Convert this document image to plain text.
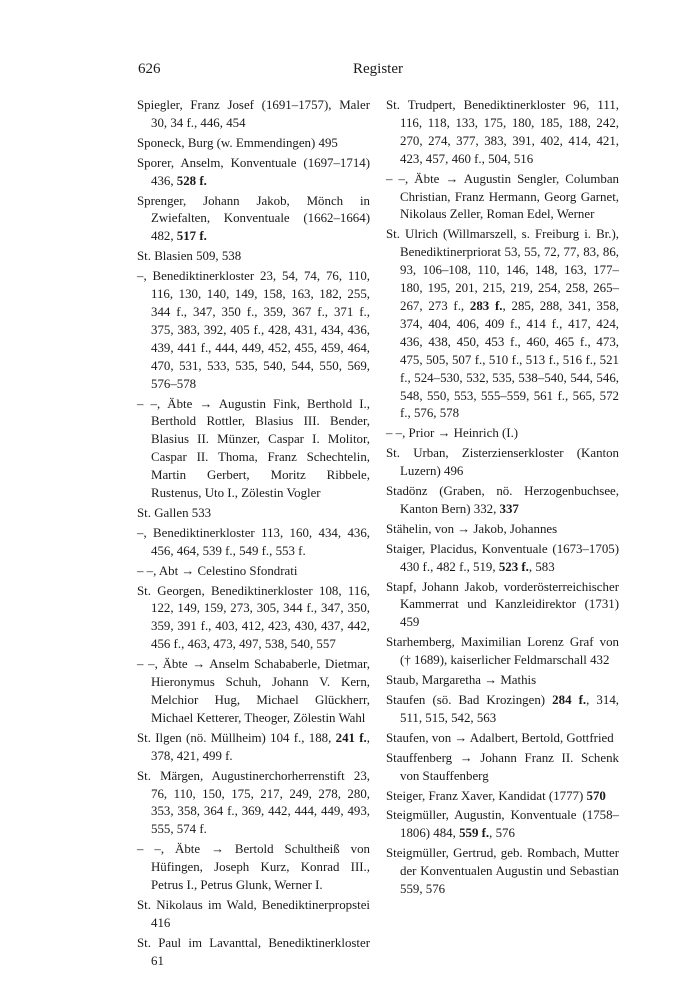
626	Register

Spiegler, Franz Josef (1691–1757), Maler 30, 34 f., 446, 454

Sponeck, Burg (w. Emmendingen) 495

Sporer, Anselm, Konventuale (1697–1714) 436, 528 f.

Sprenger, Johann Jakob, Mönch in Zwiefalten, Konventuale (1662–1664) 482, 517 f.

St. Blasien 509, 538

–, Benediktinerkloster 23, 54, 74, 76, 110, 116, 130, 140, 149, 158, 163, 182, 255, 344 f., 347, 350 f., 359, 367 f., 371 f., 375, 383, 392, 405 f., 428, 431, 434, 436, 439, 441 f., 444, 449, 452, 455, 459, 464, 470, 531, 533, 535, 540, 544, 550, 569, 576–578

– –, Äbte → Augustin Fink, Berthold I., Berthold Rottler, Blasius III. Bender, Blasius II. Münzer, Caspar I. Molitor, Caspar II. Thoma, Franz Schechtelin, Martin Gerbert, Moritz Ribbele, Rustenus, Uto I., Zölestin Vogler

St. Gallen 533

–, Benediktinerkloster 113, 160, 434, 436, 456, 464, 539 f., 549 f., 553 f.

– –, Abt → Celestino Sfondrati

St. Georgen, Benediktinerkloster 108, 116, 122, 149, 159, 273, 305, 344 f., 347, 350, 359, 391 f., 403, 412, 423, 430, 437, 442, 456 f., 463, 473, 497, 538, 540, 557

– –, Äbte → Anselm Schababerle, Dietmar, Hieronymus Schuh, Johann V. Kern, Melchior Hug, Michael Glückherr, Michael Ketterer, Theoger, Zölestin Wahl

St. Ilgen (nö. Müllheim) 104 f., 188, 241 f., 378, 421, 499 f.

St. Märgen, Augustinerchorherrenstift 23, 76, 110, 150, 175, 217, 249, 278, 280, 353, 358, 364 f., 369, 442, 444, 449, 493, 555, 574 f.

– –, Äbte → Bertold Schultheiß von Hüfingen, Joseph Kurz, Konrad III., Petrus I., Petrus Glunk, Werner I.

St. Nikolaus im Wald, Benediktinerpropstei 416

St. Paul im Lavanttal, Benediktinerkloster 61

St. Trudpert, Benediktinerkloster 96, 111, 116, 118, 133, 175, 180, 185, 188, 242, 270, 274, 377, 383, 391, 402, 414, 421, 423, 457, 460 f., 504, 516

– –, Äbte → Augustin Sengler, Columban Christian, Franz Hermann, Georg Garnet, Nikolaus Zeller, Roman Edel, Werner

St. Ulrich (Willmarszell, s. Freiburg i. Br.), Benediktinerpriorat 53, 55, 72, 77, 83, 86, 93, 106–108, 110, 146, 148, 163, 177–180, 195, 201, 215, 219, 254, 258, 265–267, 273 f., 283 f., 285, 288, 341, 358, 374, 404, 406, 409 f., 414 f., 417, 424, 436, 438, 450, 453 f., 460, 465 f., 473, 475, 505, 507 f., 510 f., 513 f., 516 f., 521 f., 524–530, 532, 535, 538–540, 544, 546, 548, 550, 553, 555–559, 561 f., 565, 572 f., 576, 578

– –, Prior → Heinrich (I.)

St. Urban, Zisterzienserkloster (Kanton Luzern) 496

Stadönz (Graben, nö. Herzogenbuchsee, Kanton Bern) 332, 337

Stähelin, von → Jakob, Johannes

Staiger, Placidus, Konventuale (1673–1705) 430 f., 482 f., 519, 523 f., 583

Stapf, Johann Jakob, vorderösterreichischer Kammerrat und Kanzleidirektor (1731) 459

Starhemberg, Maximilian Lorenz Graf von († 1689), kaiserlicher Feldmarschall 432

Staub, Margaretha → Mathis

Staufen (sö. Bad Krozingen) 284 f., 314, 511, 515, 542, 563

Staufen, von → Adalbert, Bertold, Gottfried

Stauffenberg → Johann Franz II. Schenk von Stauffenberg

Steiger, Franz Xaver, Kandidat (1777) 570

Steigmüller, Augustin, Konventuale (1758–1806) 484, 559 f., 576

Steigmüller, Gertrud, geb. Rombach, Mutter der Konventualen Augustin und Sebastian 559, 576
